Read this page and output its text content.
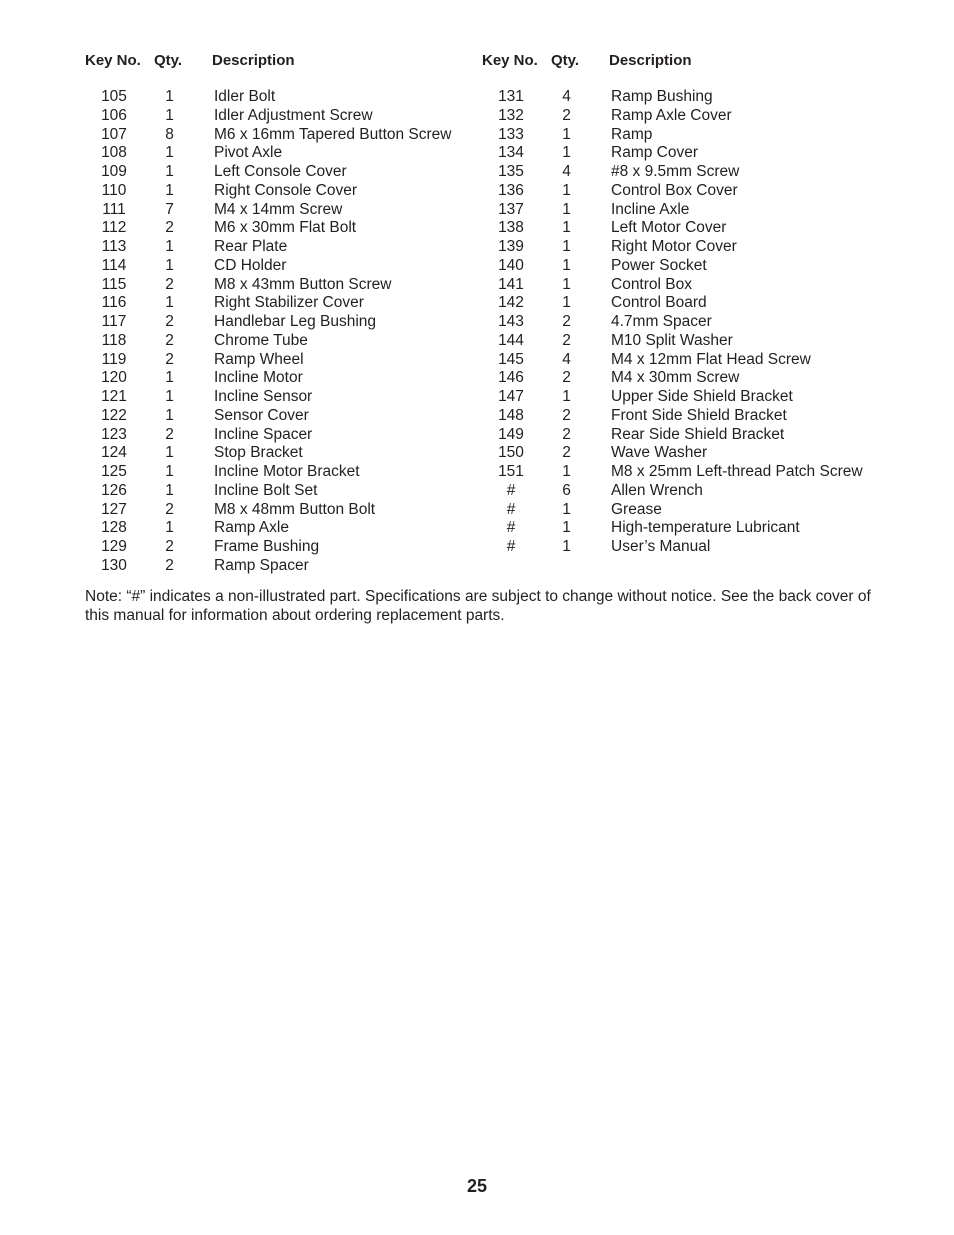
Key No. Qty. Description
105	1	Idler Bolt
106	1	Idler Adjustment Screw
107	8	M6 x 16mm Tapered Button Screw
108	1	Pivot Axle
109	1	Left Console Cover
110	1	Right Console Cover
111	7	M4 x 14mm Screw
112	2	M6 x 30mm Flat Bolt
113	1	Rear Plate
114	1	CD Holder
115	2	M8 x 43mm Button Screw
116	1	Right Stabilizer Cover
117	2	Handlebar Leg Bushing
118	2	Chrome Tube
119	2	Ramp Wheel
120	1	Incline Motor
121	1	Incline Sensor
122	1	Sensor Cover
123	2	Incline Spacer
124	1	Stop Bracket
125	1	Incline Motor Bracket
126	1	Incline Bolt Set
127	2	M8 x 48mm Button Bolt
128	1	Ramp Axle
129	2	Frame Bushing
130	2	Ramp Spacer
Key No. Qty. Description
131	4	Ramp Bushing
132	2	Ramp Axle Cover
133	1	Ramp
134	1	Ramp Cover
135	4	#8 x 9.5mm Screw
136	1	Control Box Cover
137	1	Incline Axle
138	1	Left Motor Cover
139	1	Right Motor Cover
140	1	Power Socket
141	1	Control Box
142	1	Control Board
143	2	4.7mm Spacer
144	2	M10 Split Washer
145	4	M4 x 12mm Flat Head Screw
146	2	M4 x 30mm Screw
147	1	Upper Side Shield Bracket
148	2	Front Side Shield Bracket
149	2	Rear Side Shield Bracket
150	2	Wave Washer
151	1	M8 x 25mm Left-thread Patch Screw
#	6	Allen Wrench
#	1	Grease
#	1	High-temperature Lubricant
#	1	User’s Manual
Note: “#” indicates a non-illustrated part. Specifications are subject to change without notice. See the back cover of this manual for information about ordering replacement parts.
25
